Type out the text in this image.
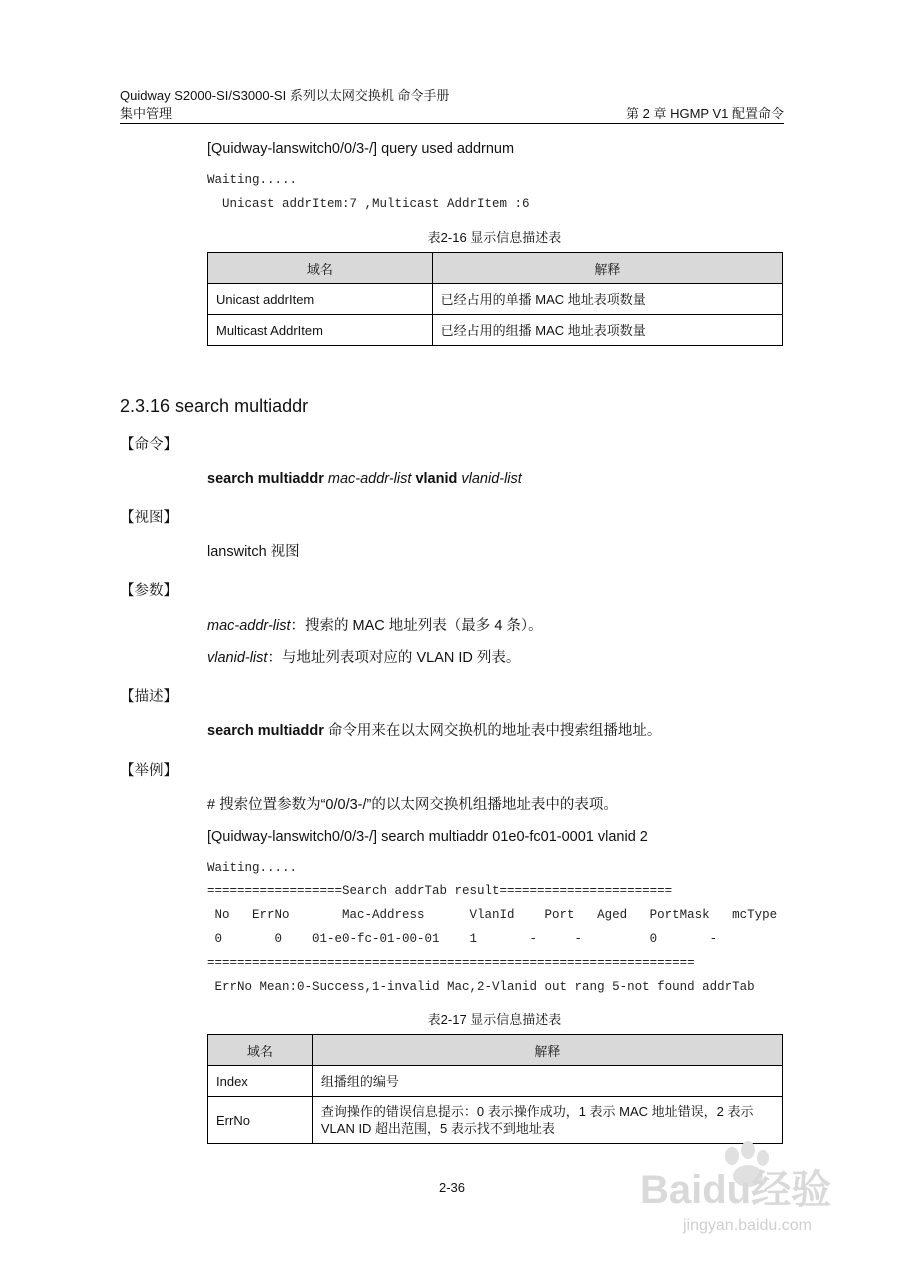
Quidway S2000-SI/S3000-SI 系列以太网交换机 命令手册
集中管理	第 2 章 HGMP V1 配置命令
[Quidway-lanswitch0/0/3-/] query used addrnum
Waiting.....
Unicast addrItem:7 ,Multicast AddrItem :6
表2-16 显示信息描述表
域名	解释
Unicast addrItem	已经占用的单播 MAC 地址表项数量
Multicast AddrItem	已经占用的组播 MAC 地址表项数量
2.3.16 search multiaddr
【命令】
search multiaddr mac-addr-list vlanid vlanid-list
【视图】
lanswitch 视图
【参数】
mac-addr-list：搜索的 MAC 地址列表（最多 4 条）。
vlanid-list：与地址列表项对应的 VLAN ID 列表。
【描述】
search multiaddr 命令用来在以太网交换机的地址表中搜索组播地址。
【举例】
# 搜索位置参数为“0/0/3-/”的以太网交换机组播地址表中的表项。
[Quidway-lanswitch0/0/3-/] search multiaddr 01e0-fc01-0001 vlanid 2
Waiting.....
==================Search addrTab result=======================
No   ErrNo       Mac-Address      VlanId    Port   Aged   PortMask   mcType
0       0    01-e0-fc-01-00-01    1       -     -         0       -
=================================================================
ErrNo Mean:0-Success,1-invalid Mac,2-Vlanid out rang 5-not found addrTab
表2-17 显示信息描述表
域名	解释
Index	组播组的编号
ErrNo	查询操作的错误信息提示：0 表示操作成功，1 表示 MAC 地址错误，2 表示 VLAN ID 超出范围，5 表示找不到地址表
2-36	Baidu经验
jingyan.baidu.com
